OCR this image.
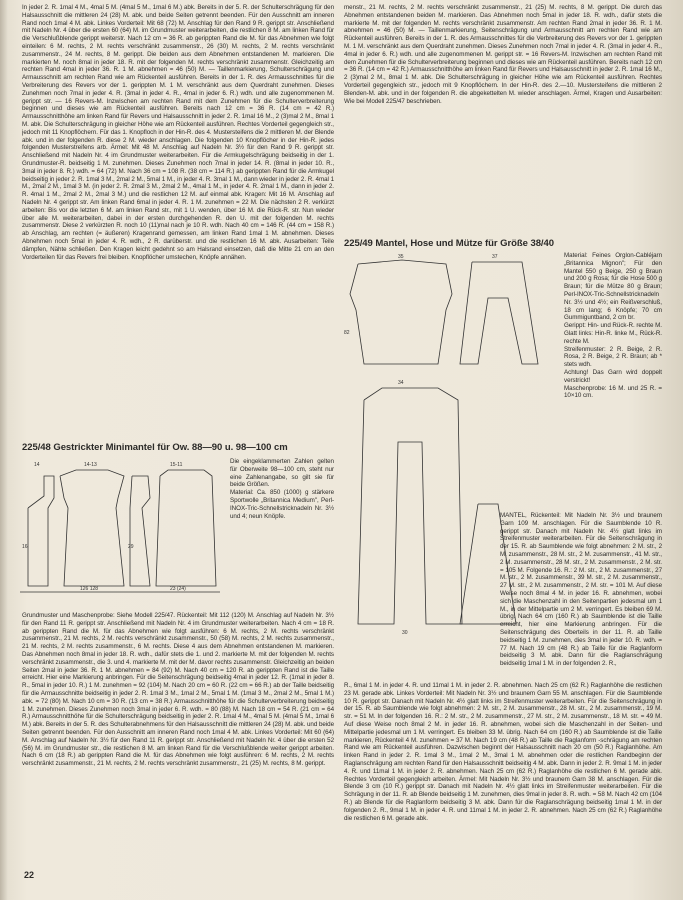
In jeder 2. R. 1mal 4 M., 4mal 5 M. (4mal 5 M., 1mal 6 M.) abk. Bereits in der 5. R. der Schulterschrägung für den Halsausschnitt die mittleren 24 (28) M. abk. und beide Seiten getrennt beenden. Für den Ausschnitt am inneren Rand noch 1mal 4 M. abk. Linkes Vorderteil: Mit 68 (72) M. Anschlag für den Rand 9 R. gerippt str. Anschließend mit Nadeln Nr. 4 über die ersten 60 (64) M. im Grundmuster weiterarbeiten, die restlichen 8 M. am linken Rand für die Verschlußblende gerippt weiterstr. Nach 12 cm = 36 R. ab gerippten Rand die M. für das Abnehmen wie folgt einteilen: 6 M. rechts, 2 M. rechts verschränkt zusammenstr., 26 (30) M. rechts, 2 M. rechts verschränkt zusammenstr., 24 M. rechts, 8 M. gerippt. Die beiden aus dem Abnehmen entstandenen M. markieren. Die markierten M. noch 8mal in jeder 18. R. mit der folgenden M. rechts verschränkt zusammenstr. Gleichzeitig am rechten Rand 4mal in jeder 36. R. 1 M. abnehmen = 46 (50) M. — Taillenmarkierung, Schulterschrägung und Armausschnitt am rechten Rand wie am Rückenteil ausführen. Bereits in der 1. R. des Armausschnittes für die Verbreiterung des Revers vor der 1. gerippten M. 1 M. verschränkt aus dem Querdraht zunehmen. Dieses Zunehmen noch 7mal in jeder 4. R. (3mal in jeder 4. R., 4mal in jeder 6. R.) wdh. und alle zugenommenen M. gerippt str. — 16 Revers-M. Inzwischen am rechten Rand mit dem Zunehmen für die Schulterverbreiterung beginnen und dieses wie am Rückenteil ausführen. Bereits nach 12 cm = 36 R. (14 cm = 42 R.) Armausschnitthöhe am linken Rand für Revers und Halsausschnitt in jeder 2. R. 1mal 16 M., 2 (3)mal 2 M., 8mal 1 M. abk. Die Schulterschrägung in gleicher Höhe wie am Rückenteil ausführen. Rechtes Vorderteil gegengleich str., jedoch mit 11 Knopflöchern. Für das 1. Knopfloch in der Hin-R. des 4. Mustersteifens die 2 mittleren M. der Blende abk. und in der folgenden R. diese 2 M. wieder anschlagen. Die folgenden 10 Knopflöcher in der Hin-R. jedes folgenden Musterstreifens arb. Ärmel: Mit 48 M. Anschlag auf Nadeln Nr. 3½ für den Rand 9 R. gerippt str. Anschließend mit Nadeln Nr. 4 im Grundmuster weiterarbeiten. Für die Armkugelschrägung beidseitig in der 1. Grundmuster-R. beidseitig 1 M. zunehmen. Dieses Zunehmen noch 7mal in jeder 14. R. (8mal in jeder 10. R., 3mal in jeder 8. R.) wdh. = 64 (72) M. Nach 36 cm = 108 R. (38 cm = 114 R.) ab gerippten Rand für die Armkugel beidseitig in jeder 2. R. 1mal 3 M., 2mal 2 M., 5mal 1 M., in jeder 4. R. 3mal 1 M., dann wieder in jeder 2. R. 4mal 1 M., 2mal 2 M., 1mal 3 M. (in jeder 2. R. 2mal 3 M., 2mal 2 M., 4mal 1 M., in jeder 4. R. 2mal 1 M., dann in jeder 2. R. 4mal 1 M., 2mal 2 M., 2mal 3 M.) und die restlichen 12 M. auf einmal abk. Kragen: Mit 16 M. Anschlag auf Nadeln Nr. 4 gerippt str. Am linken Rand 6mal in jeder 4. R. 1 M. zunehmen = 22 M. Die nächsten 2 R. verkürzt arbeiten: Bis vor die letzten 6 M. am linken Rand str., mit 1 U. wenden, über 16 M. die Rück-R. str. Nun wieder über alle M. weiterarbeiten, dabei in der ersten durchgehenden R. den U. mit der folgenden M. rechts zusammenstr. Diese 2 verkürzten R. noch 10 (11)mal nach je 10 R. wdh. Nach 40 cm = 146 R. (44 cm = 158 R.) ab Anschlag, am rechten (= äußeren) Kragenrand gemessen, am linken Rand 1mal 1 M. abnehmen. Dieses Abnehmen noch 5mal in jeder 4. R. wdh., 2 R. darüberstr. und die restlichen 16 M. abk. Ausarbeiten: Teile dämpfen, Nähte schließen. Den Kragen leicht gedehnt so am Halsrand einsetzen, daß die Mitte 21 cm an den Vorderteilen für das Revers frei bleiben. Knopflöcher umstechen, Knöpfe annähen.

225/48 Gestrickter Minimantel für Ow. 88—90 u. 98—100 cm
14	14-13	15-11
16	29
126 128	23 (24)

Die eingeklammerten Zahlen gelten für Oberweite 98—100 cm, steht nur eine Zahlenangabe, so gilt sie für beide Größen.

Material: Ca. 850 (1000) g stärkere Sportwolle „Britannica Medium", Perl-INOX-Tric-Schnellstricknadeln Nr. 3½ und 4; neun Knöpfe.

Grundmuster und Maschenprobe: Siehe Modell 225/47. Rückenteil: Mit 112 (120) M. Anschlag auf Nadeln Nr. 3½ für den Rand 11 R. gerippt str. Anschließend mit Nadeln Nr. 4 im Grundmuster weiterarbeiten. Nach 4 cm = 18 R. ab gerippten Rand die M. für das Abnehmen wie folgt ausführen: 6 M. rechts, 2 M. rechts verschränkt zusammenstr., 21 M. rechts, 2 M. rechts verschränkt zusammenstr., 50 (58) M. rechts, 2 M. rechts zusammenstr., 21 M. rechts, 2 M. rechts zusammenstr., 6 M. rechts. Diese 4 aus dem Abnehmen entstandenen M. markieren. Das Abnehmen noch 8mal in jeder 18. R. wdh., dafür stets die 1. und 2. markierte M. mit der folgenden M. rechts verschränkt zusammenstr., die 3. und 4. markierte M. mit der M. davor rechts zusammenstr. Gleichzeitig an beiden Seiten 2mal in jeder 36. R. 1 M. abnehmen = 84 (92) M. Nach 40 cm = 120 R. ab gerippten Rand ist die Taille erreicht. Hier eine Markierung anbringen. Für die Seitenschrägung beidseitig 4mal in jeder 12. R. (1mal in jeder 8. R., 5mal in jeder 10. R.) 1 M. zunehmen = 92 (104) M. Nach 20 cm = 60 R. (22 cm = 66 R.) ab der Taille beidseitig für die Armausschnitte beidseitig in jeder 2. R. 1mal 3 M., 1mal 2 M., 5mal 1 M. (1mal 3 M., 2mal 2 M., 5mal 1 M.) abk. = 72 (80) M. Nach 10 cm = 30 R. (13 cm = 38 R.) Armausschnitthöhe für die Schulterverbreiterung beidseitig 1 M. zunehmen. Dieses Zunehmen noch 3mal in jeder 6. R. wdh. = 80 (88) M. Nach 18 cm = 54 R. (21 cm = 64 R.) Armausschnitthöhe für die Schulterschrägung beidseitig in jeder 2. R. 1mal 4 M., 4mal 5 M. (4mal 5 M., 1mal 6 M.) abk. Bereits in der 5. R. des Schulterabnehmens für den Halsausschnitt die mittleren 24 (28) M. abk. und beide Seiten getrennt beenden. Für den Ausschnitt am inneren Rand noch 1mal 4 M. abk. Linkes Vorderteil: Mit 60 (64) M. Anschlag auf Nadeln Nr. 3½ für den Rand 11 R. gerippt str. Anschließend mit Nadeln Nr. 4 über die ersten 52 (56) M. im Grundmuster str., die restlichen 8 M. am linken Rand für die Verschlußblende weiter gerippt arbeiten. Nach 6 cm (18 R.) ab gerippten Rand die M. für das Abnehmen wie folgt ausführen: 6 M. rechts, 2 M. rechts verschränkt zusammenstr., 21 M. rechts, 2 M. rechts verschränkt zusammenstr., 21 (25) M. rechts, 8 M. gerippt.

menstr., 21 M. rechts, 2 M. rechts verschränkt zusammenstr., 21 (25) M. rechts, 8 M. gerippt. Die durch das Abnehmen entstandenen beiden M. markieren. Das Abnehmen noch 5mal in jeder 18. R. wdh., dafür stets die markierte M. mit der folgenden M. rechts verschränkt zusammenstr. Am rechten Rand 2mal in jeder 36. R. 1 M. abnehmen = 46 (50) M. — Taillenmarkierung, Seitenschrägung und Armausschnitt am rechten Rand wie am Rückenteil ausführen. Bereits in der 1. R. des Armausschnittes für die Verbreiterung des Revers vor der 1. gerippten M. 1 M. verschränkt aus dem Querdraht zunehmen. Dieses Zunehmen noch 7mal in jeder 4. R. (3mal in jeder 4. R., 4mal in jeder 6. R.) wdh. und alle zugenommenen M. gerippt str. = 16 Revers-M. Inzwischen am rechten Rand mit dem Zunehmen für die Schulterverbreiterung beginnen und dieses wie am Rückenteil ausführen. Bereits nach 12 cm = 36 R. (14 cm = 42 R.) Armausschnitthöhe am linken Rand für Revers und Halsausschnitt in jeder 2. R. 1mal 16 M., 2 (3)mal 2 M., 8mal 1 M. abk. Die Schulterschrägung in gleicher Höhe wie am Rückenteil ausführen. Rechtes Vorderteil gegengleich str., jedoch mit 9 Knopflöchern. In der Hin-R. des 2.—10. Mustersteifens die mittleren 2 Blenden-M. abk. und in der folgenden R. die abgekettelten M. wieder anschlagen. Ärmel, Kragen und Ausarbeiten: Wie bei Modell 225/47 beschrieben.

225/49 Mantel, Hose und Mütze für Größe 38/40
35	37
82
34
30

Material: Feines Orglon-Cabléjarn „Britannica Mignon"; Für den Mantel 550 g Beige, 250 g Braun und 200 g Rosa; für die Hose 500 g Braun; für die Mütze 80 g Braun; Perl-INOX-Tric-Schnellstricknadeln Nr. 3½ und 4½; ein Reißverschluß, 18 cm lang; 6 Knöpfe; 70 cm Gummiguntband, 2 cm br.

Gerippt: Hin- und Rück-R. rechte M.

Glatt links: Hin-R. linke M., Rück-R. rechte M.

Streifenmuster: 2 R. Beige, 2 R. Rosa, 2 R. Beige, 2 R. Braun; ab * stets wdh.

Achtung! Das Garn wird doppelt verstrickt!

Maschenprobe: 16 M. und 25 R. = 10×10 cm.

MANTEL, Rückenteil: Mit Nadeln Nr. 3½ und braunem Garn 109 M. anschlagen. Für die Saumblende 10 R. gerippt str. Danach mit Nadeln Nr. 4½ glatt links im Streifenmuster weiterarbeiten. Für die Seitenschrägung in der 15. R. ab Saumblende wie folgt abnehmen: 2 M. str., 2 M. zusammenstr., 28 M. str., 2 M. zusammenstr., 41 M. str., 2 M. zusammenstr., 28 M. str., 2 M. zusammenstr., 2 M. str. = 105 M. Folgende 16. R.: 2 M. str., 2 M. zusammenstr., 27 M. str., 2 M. zusammenstr., 39 M. str., 2 M. zusammenstr., 27 M. str., 2 M. zusammenstr., 2 M. str. = 101 M. Auf diese Weise noch 8mal 4 M. in jeder 16. R. abnehmen, wobei sich die Maschenzahl in den Seitenpartien jedesmal um 1 M., in der Mittelpartie um 2 M. verringert. Es bleiben 69 M. übrig. Nach 64 cm (160 R.) ab Saumblende ist die Taille erreicht, hier eine Markierung anbringen. Für die Seitenschrägung des Oberteils in der 11. R. ab Taille beidseitig 1 M. zunehmen, dies 3mal in jeder 10. R. wdh. = 77 M. Nach 19 cm (48 R.) ab Taille für die Raglanform beidseitig 3 M. abk. Dann für die Raglanschrägung beidseitig 1mal 1 M. in der folgenden 2. R.,

R., 6mal 1 M. in jeder 4. R. und 11mal 1 M. in jeder 2. R. abnehmen. Nach 25 cm (62 R.) Raglanhöhe die restlichen 23 M. gerade abk. Linkes Vorderteil: Mit Nadeln Nr. 3½ und braunem Garn 55 M. anschlagen. Für die Saumblende 10 R. gerippt str. Danach mit Nadeln Nr. 4½ glatt links im Streifenmuster weiterarbeiten. Für die Seitenschrägung in der 15. R. ab Saumblende wie folgt abnehmen: 2 M. str., 2 M. zusammenstr., 28 M. str., 2 M. zusammenstr., 19 M. str. = 51 M. In der folgenden 16. R.: 2 M. str., 2 M. zusammenstr., 27 M. str., 2 M. zusammenstr., 18 M. str. = 49 M. Auf diese Weise noch 8mal 2 M. in jeder 16. R. abnehmen, wobei sich die Maschenzahl in der Seiten- und Mittelpartie jedesmal um 1 M. verringert. Es bleiben 33 M. übrig. Nach 64 cm (160 R.) ab Saumblende ist die Taille markieren, Rückenteil 4 M. zunehmen = 37 M. Nach 19 cm (48 R.) ab Taille die Raglanform -schrägung am rechten Rand wie am Rückenteil ausführen. Dazwischen beginnt der Halsausschnitt nach 20 cm (50 R.) Raglanhöhe. Am linken Rand in jeder 2. R. 1mal 3 M., 1mal 2 M., 3mal 1 M. abnehmen oder die restlichen Randbeginn der Raglanschrägung am rechten Rand für den Halsausschnitt beidseitig 4 M. abk. Dann in jeder 2. R. 9mal 1 M. in jeder 4. R. und 11mal 1 M. in jeder 2. R. abnehmen. Nach 25 cm (62 R.) Raglanhöhe die restlichen 6 M. gerade abk. Rechtes Vorderteil gegengleich arbeiten. Ärmel: Mit Nadeln Nr. 3½ und braunem Garn 38 M. anschlagen. Für die Blende 3 cm (10 R.) gerippt str. Danach mit Nadeln Nr. 4½ glatt links im Streifenmuster weiterarbeiten. Für die Schrägung in der 11. R. ab Blende beidseitig 1 M. zunehmen, dies 9mal in jeder 8. R. wdh. = 58 M. Nach 42 cm (104 R.) ab Blende für die Raglanform beidseitig 3 M. abk. Dann für die Raglanschrägung beidseitig 1mal 1 M. in der folgenden 2. R., 9mal 1 M. in jeder 4. R. und 11mal 1 M. in jeder 2. R. abnehmen. Nach 25 cm (62 R.) Raglanhöhe die restlichen 6 M. gerade abk.

22
